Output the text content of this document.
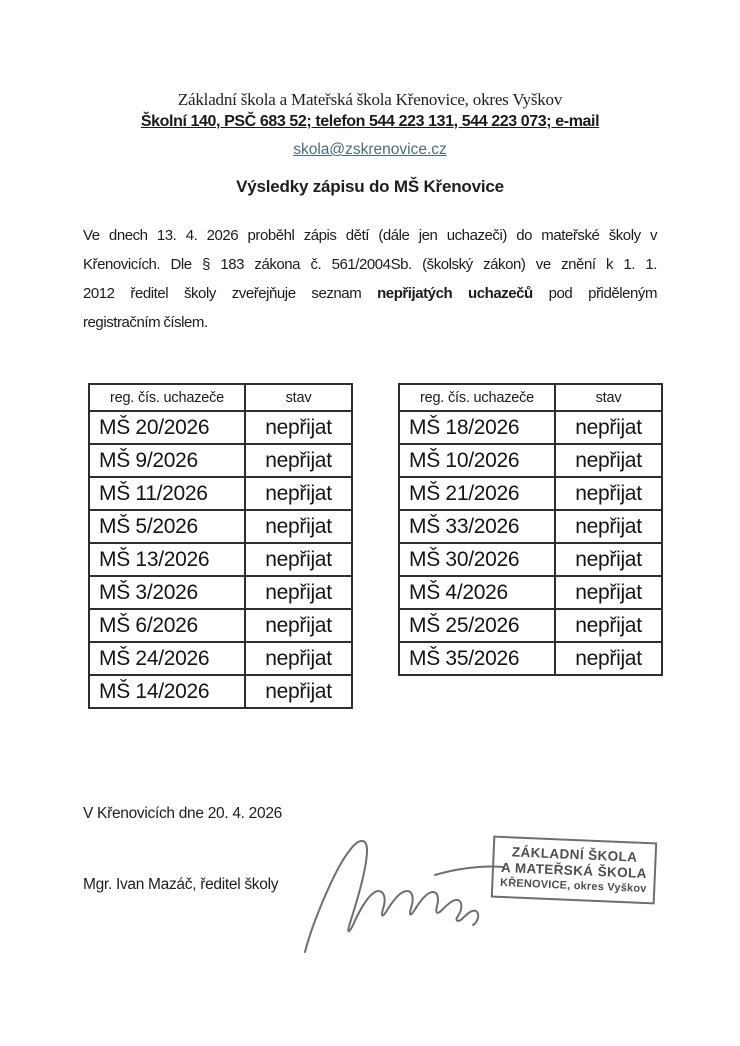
Základní škola a Mateřská škola Křenovice, okres Vyškov
Školní 140, PSČ 683 52; telefon 544 223 131, 544 223 073; e-mail
skola@zskrenovice.cz
Výsledky zápisu do MŠ Křenovice
Ve dnech 13. 4. 2026 proběhl zápis dětí (dále jen uchazeči) do mateřské školy v
Křenovicích. Dle § 183 zákona č. 561/2004Sb. (školský zákon) ve znění k 1. 1.
2012 ředitel školy zveřejňuje seznam nepřijatých uchazečů pod přiděleným
registračním číslem.
reg. čís. uchazeče	stav
MŠ 20/2026	nepřijat
MŠ 9/2026	nepřijat
MŠ 11/2026	nepřijat
MŠ 5/2026	nepřijat
MŠ 13/2026	nepřijat
MŠ 3/2026	nepřijat
MŠ 6/2026	nepřijat
MŠ 24/2026	nepřijat
MŠ 14/2026	nepřijat
reg. čís. uchazeče	stav
MŠ 18/2026	nepřijat
MŠ 10/2026	nepřijat
MŠ 21/2026	nepřijat
MŠ 33/2026	nepřijat
MŠ 30/2026	nepřijat
MŠ 4/2026	nepřijat
MŠ 25/2026	nepřijat
MŠ 35/2026	nepřijat
V Křenovicích dne 20. 4. 2026
Mgr. Ivan Mazáč, ředitel školy
ZÁKLADNÍ ŠKOLA
A MATEŘSKÁ ŠKOLA
KŘENOVICE, okres Vyškov
